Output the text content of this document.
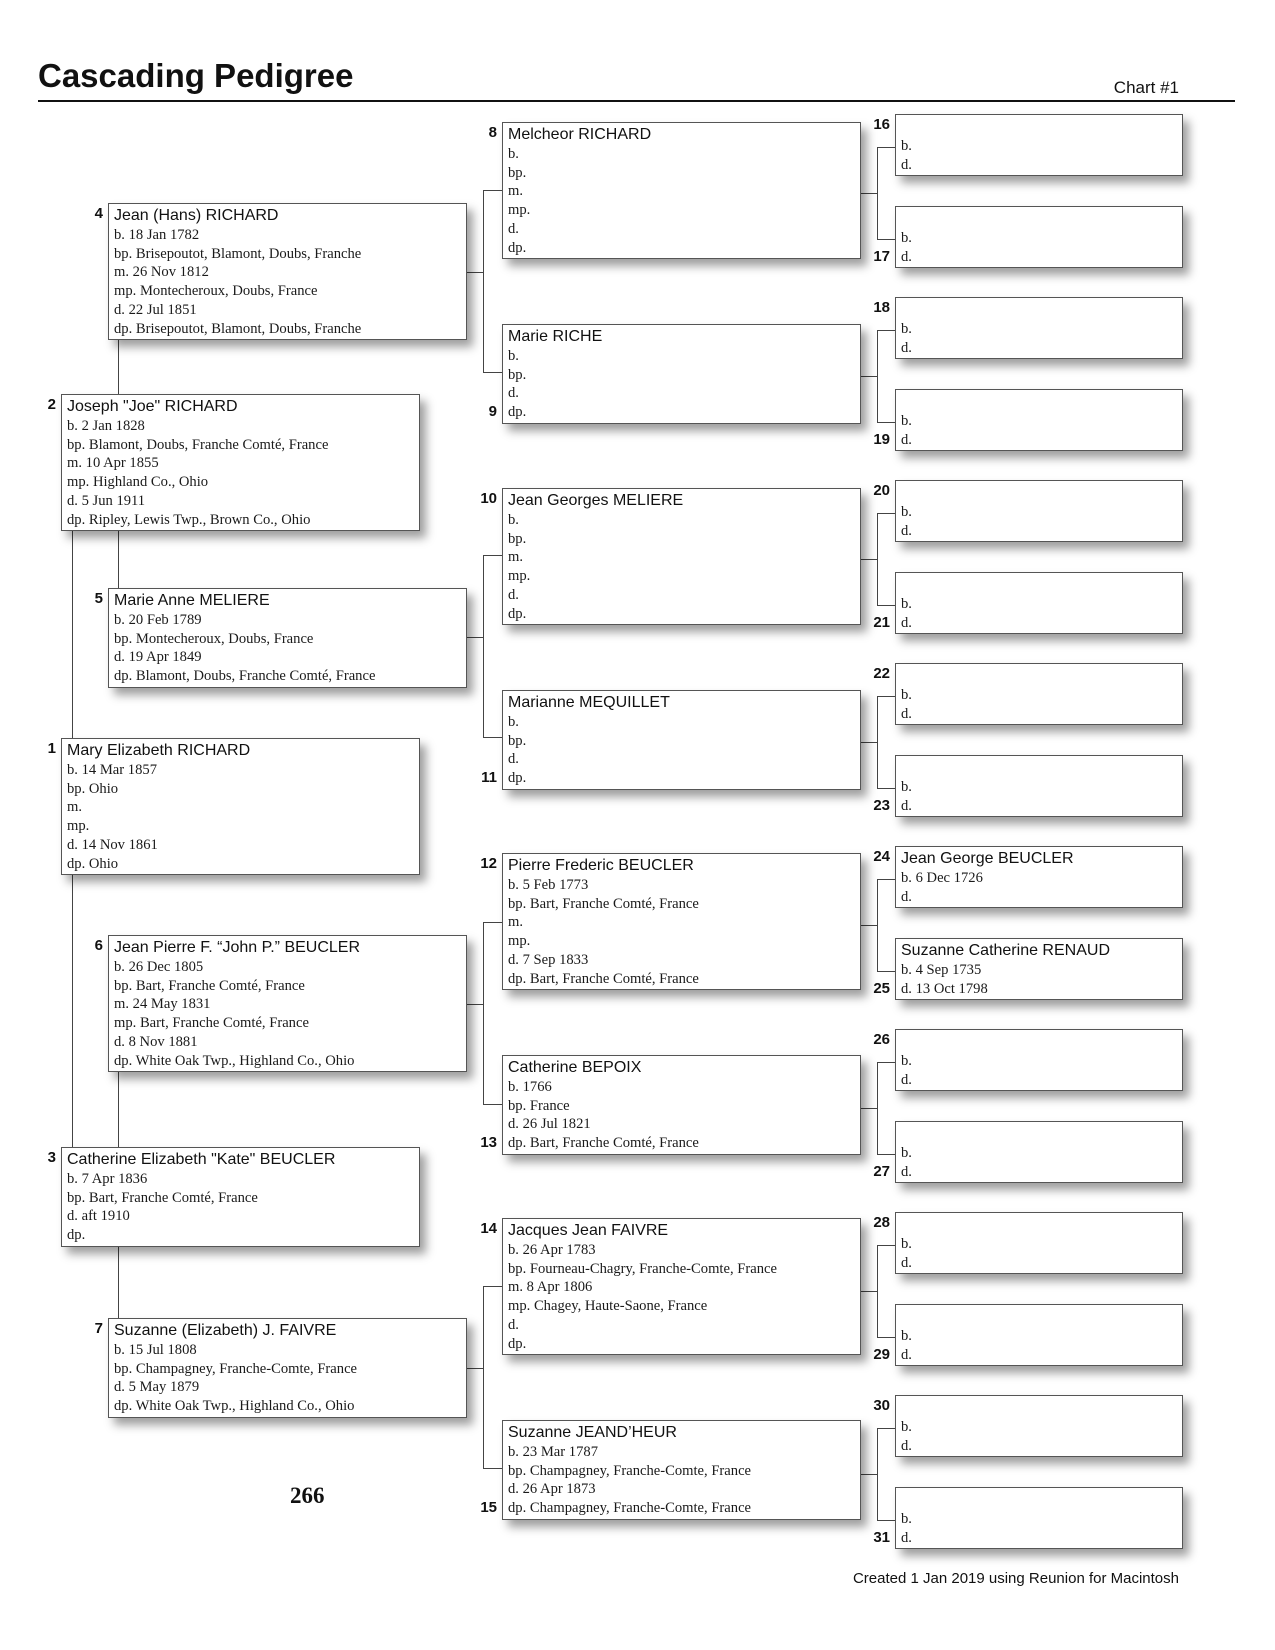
Cascading Pedigree	Chart #1
Mary Elizabeth RICHARD
b. 14 Mar 1857
bp. Ohio
m.
mp.
d. 14 Nov 1861
dp. Ohio
1
Joseph "Joe" RICHARD
b. 2 Jan 1828
bp. Blamont, Doubs, Franche Comté, France
m. 10 Apr 1855
mp. Highland Co., Ohio
d. 5 Jun 1911
dp. Ripley, Lewis Twp., Brown Co., Ohio
2
Catherine Elizabeth "Kate" BEUCLER
b. 7 Apr 1836
bp. Bart, Franche Comté, France
d. aft 1910
dp.
3
Jean (Hans) RICHARD
b. 18 Jan 1782
bp. Brisepoutot, Blamont, Doubs, Franche
m. 26 Nov 1812
mp. Montecheroux, Doubs, France
d. 22 Jul 1851
dp. Brisepoutot, Blamont, Doubs, Franche
4
Marie Anne MELIERE
b. 20 Feb 1789
bp. Montecheroux, Doubs, France
d. 19 Apr 1849
dp. Blamont, Doubs, Franche Comté, France
5
Jean Pierre F. “John P.” BEUCLER
b. 26 Dec 1805
bp. Bart, Franche Comté, France
m. 24 May 1831
mp. Bart, Franche Comté, France
d. 8 Nov 1881
dp. White Oak Twp., Highland Co., Ohio
6
Suzanne (Elizabeth) J. FAIVRE
b. 15 Jul 1808
bp. Champagney, Franche-Comte, France
d. 5 May 1879
dp. White Oak Twp., Highland Co., Ohio
7
Melcheor RICHARD
b.
bp.
m.
mp.
d.
dp.
8
Marie RICHE
b.
bp.
d.
dp.
9
Jean Georges MELIERE
b.
bp.
m.
mp.
d.
dp.
10
Marianne MEQUILLET
b.
bp.
d.
dp.
11
Pierre Frederic BEUCLER
b. 5 Feb 1773
bp. Bart, Franche Comté, France
m.
mp.
d. 7 Sep 1833
dp. Bart, Franche Comté, France
12
Catherine BEPOIX
b. 1766
bp. France
d. 26 Jul 1821
dp. Bart, Franche Comté, France
13
Jacques Jean FAIVRE
b. 26 Apr 1783
bp. Fourneau-Chagry, Franche-Comte, France
m. 8 Apr 1806
mp. Chagey, Haute-Saone, France
d.
dp.
14
Suzanne JEAND’HEUR
b. 23 Mar 1787
bp. Champagney, Franche-Comte, France
d. 26 Apr 1873
dp. Champagney, Franche-Comte, France
15
b.
d.
16
b.
d.
17
b.
d.
18
b.
d.
19
b.
d.
20
b.
d.
21
b.
d.
22
b.
d.
23
Jean George BEUCLER
b. 6 Dec 1726
d.
24
Suzanne Catherine RENAUD
b. 4 Sep 1735
d. 13 Oct 1798
25
b.
d.
26
b.
d.
27
b.
d.
28
b.
d.
29
b.
d.
30
b.
d.
31
266
Created 1 Jan 2019 using Reunion for Macintosh
